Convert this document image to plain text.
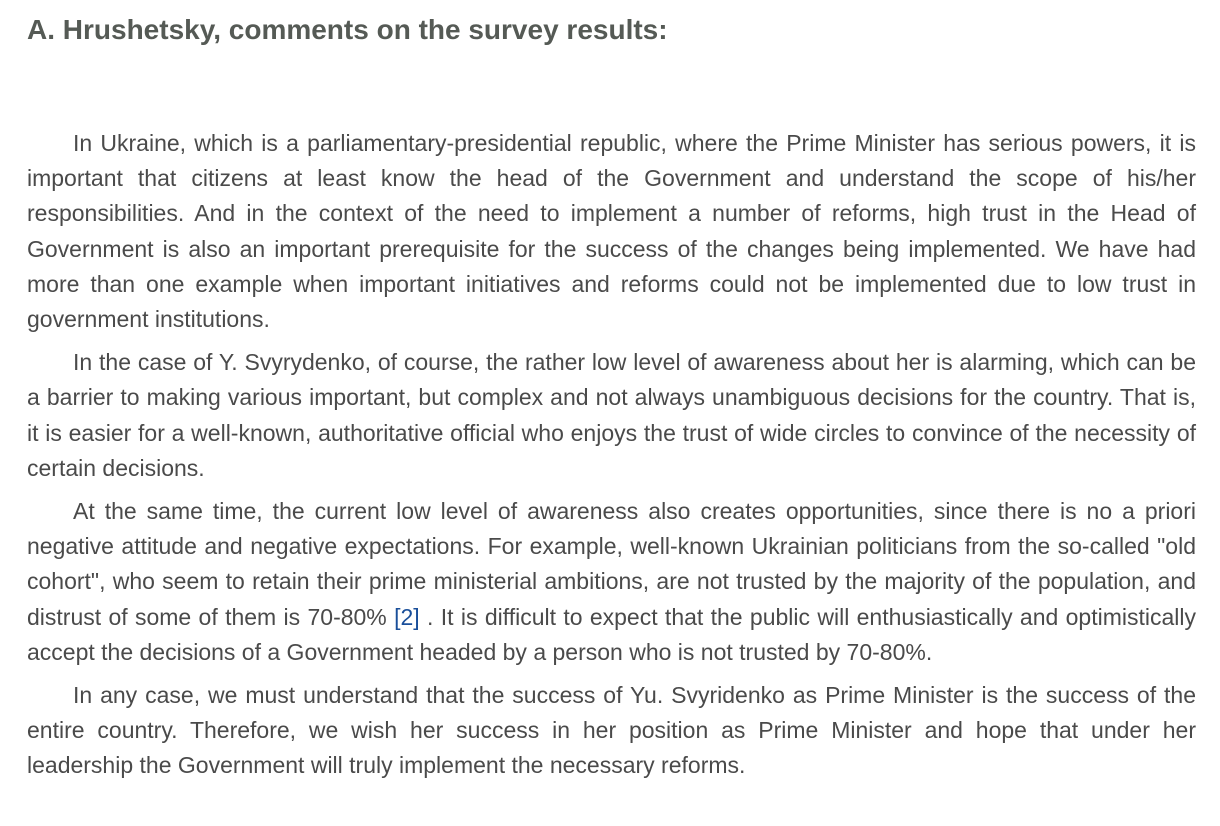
A. Hrushetsky, comments on the survey results:

In Ukraine, which is a parliamentary-presidential republic, where the Prime Minister has serious powers, it is important that citizens at least know the head of the Government and understand the scope of his/her responsibilities. And in the context of the need to implement a number of reforms, high trust in the Head of Government is also an important prerequisite for the success of the changes being implemented. We have had more than one example when important initiatives and reforms could not be implemented due to low trust in government institutions.

In the case of Y. Svyrydenko, of course, the rather low level of awareness about her is alarming, which can be a barrier to making various important, but complex and not always unambiguous decisions for the country. That is, it is easier for a well-known, authoritative official who enjoys the trust of wide circles to convince of the necessity of certain decisions.

At the same time, the current low level of awareness also creates opportunities, since there is no a priori negative attitude and negative expectations. For example, well-known Ukrainian politicians from the so-called "old cohort", who seem to retain their prime ministerial ambitions, are not trusted by the majority of the population, and distrust of some of them is 70-80% [2] . It is difficult to expect that the public will enthusiastically and optimistically accept the decisions of a Government headed by a person who is not trusted by 70-80%.

In any case, we must understand that the success of Yu. Svyridenko as Prime Minister is the success of the entire country. Therefore, we wish her success in her position as Prime Minister and hope that under her leadership the Government will truly implement the necessary reforms.
